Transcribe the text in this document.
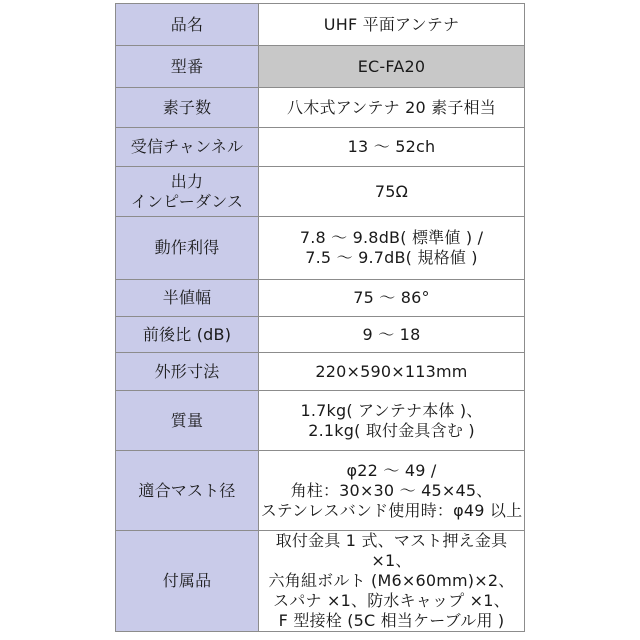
品名	UHF 平面アンテナ
型番	EC-FA20
素子数	八木式アンテナ 20 素子相当
受信チャンネル	13 ～ 52ch
出力
インピーダンス	75Ω
動作利得	7.8 ～ 9.8dB( 標準値 ) /
7.5 ～ 9.7dB( 規格値 )
半値幅	75 ～ 86°
前後比 (dB)	9 ～ 18
外形寸法	220×590×113mm
質量	1.7kg( アンテナ本体 )、
2.1kg( 取付金具含む )
適合マスト径	φ22 ～ 49 /
角柱：30×30 ～ 45×45、
ステンレスバンド使用時：φ49 以上
付属品	取付金具 1 式、マスト押え金具 ×1、
六角組ボルト (M6×60mm)×2、
スパナ ×1、防水キャップ ×1、
F 型接栓 (5C 相当ケーブル用 )
